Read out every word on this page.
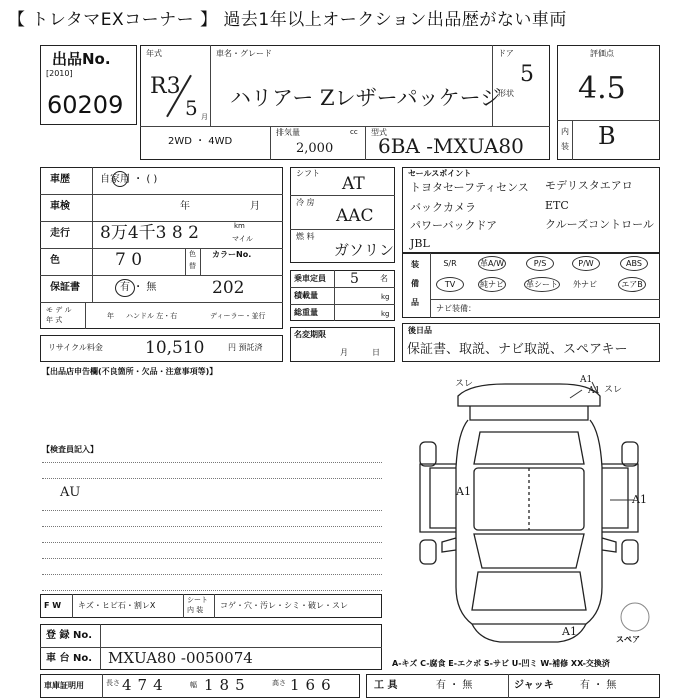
【 トレタマEXコーナー 】 過去1年以上オークション出品歴がない車両
出品No.
[2010]
60209
年式
R3
5 月
車名・グレード
ハリアー Zレザーパッケージ
ドア
5
形状
2WD ・ 4WD
排気量	cc
2,000
型式
6BA -MXUA80
評価点
4.5
内
装 B
車歴	自家用 ・ ( )
車検	年	月
走行 8万4千3 8 2	km
マイル
色	7 0	色
替
カラーNo.
保証書	有 ・ 無	202
モ デ ル
年 式	年 ハンドル 左・右	ディーラー・並行
リサイクル料金 10,510	円 預託済
シフト
AT
冷 房
AAC
燃 料
ガソリン
乗車定員 5	名
積載量	kg
総重量	kg
名変期限
月	日
セールスポイント
トヨタセーフティセンス モデリスタエアロ
バックカメラ	ETC
パワーバックドア	クルーズコントロール
JBL
装
備
品
S/R	革A/W	P/S	P/W	ABS
TV	純ナビ	革シート	外ナビ	エアB
ナビ装備：
後日品
保証書、取説、ナビ取説、スペアキー
【出品店申告欄(不良箇所・欠品・注意事項等)】
【検査員記入】
AU
スレ	A1
A1 スレ
A1
A1
A1
スペア
F W キズ・ヒビ石・割レX
シート
内 装 コゲ・穴・汚レ・シミ・破レ・スレ
登 録 No.
車 台 No. MXUA80 -0050074	A-キズ C-腐食 E-エクボ S-サビ U-凹ミ W-補修 XX-交換済
車庫証明用	長さ 474	幅 185	高さ 166	工 具	有 ・ 無	ジャッキ	有 ・ 無
